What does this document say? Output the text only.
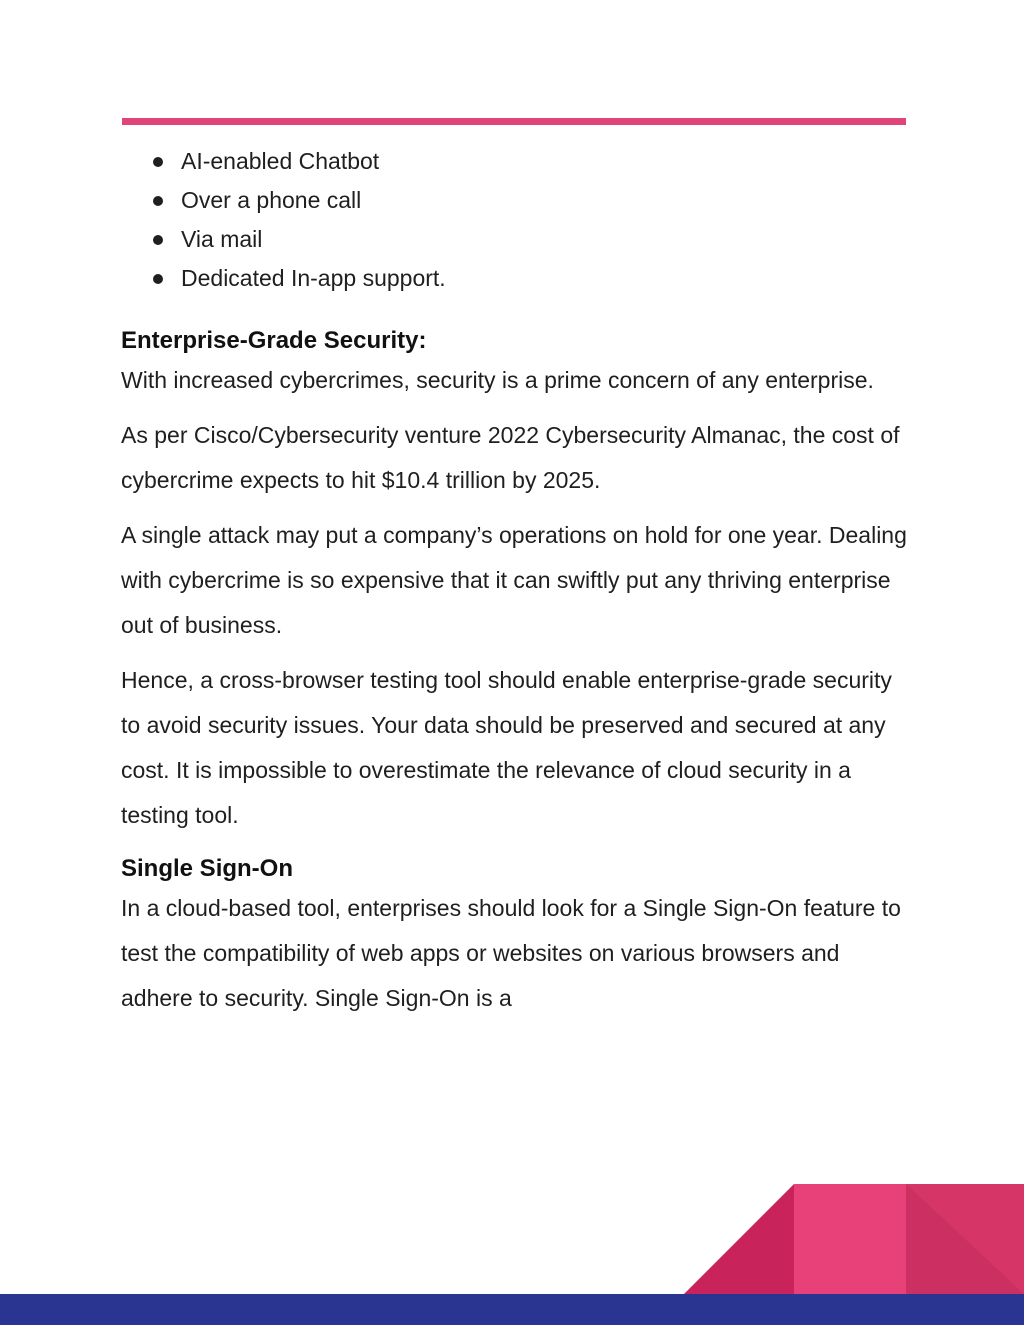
AI-enabled Chatbot
Over a phone call
Via mail
Dedicated In-app support.
Enterprise-Grade Security:

With increased cybercrimes, security is a prime concern of any enterprise.

As per Cisco/Cybersecurity venture 2022 Cybersecurity Almanac, the cost of cybercrime expects to hit $10.4 trillion by 2025.

A single attack may put a company’s operations on hold for one year. Dealing with cybercrime is so expensive that it can swiftly put any thriving enterprise out of business.

Hence, a cross-browser testing tool should enable enterprise-grade security to avoid security issues. Your data should be preserved and secured at any cost. It is impossible to overestimate the relevance of cloud security in a testing tool.

Single Sign-On

In a cloud-based tool, enterprises should look for a Single Sign-On feature to test the compatibility of web apps or websites on various browsers and adhere to security. Single Sign-On is a
